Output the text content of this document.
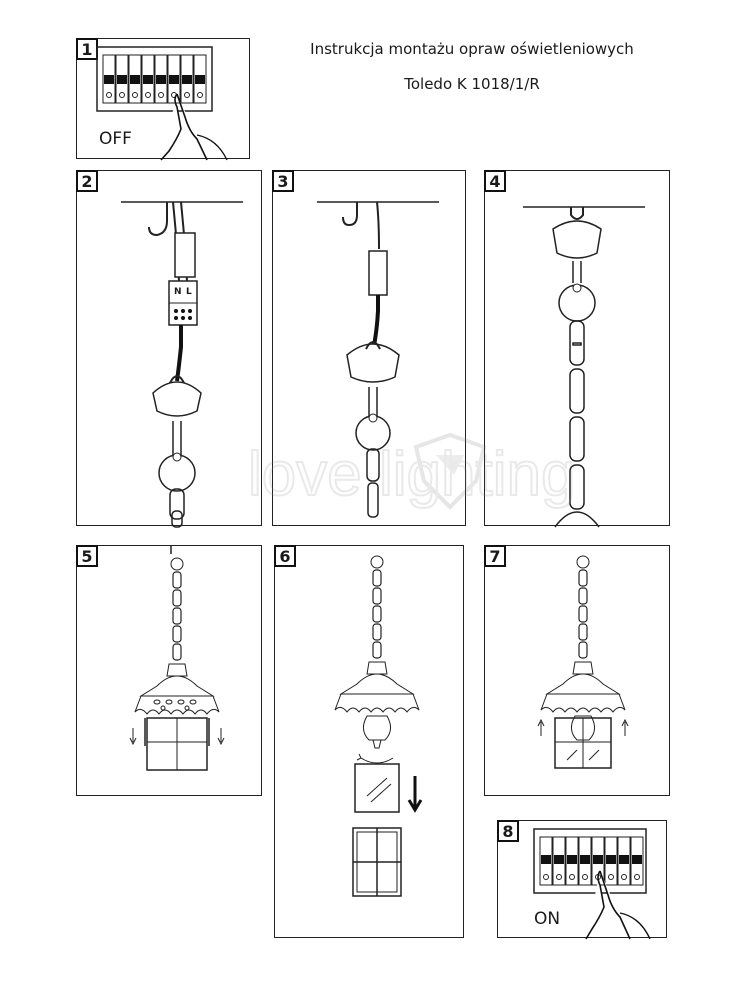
Instrukcja montażu opraw oświetleniowych
Toledo K 1018/1/R
1
OFF
2
N L
3	4
5	6	7
8
ON
love lighting
